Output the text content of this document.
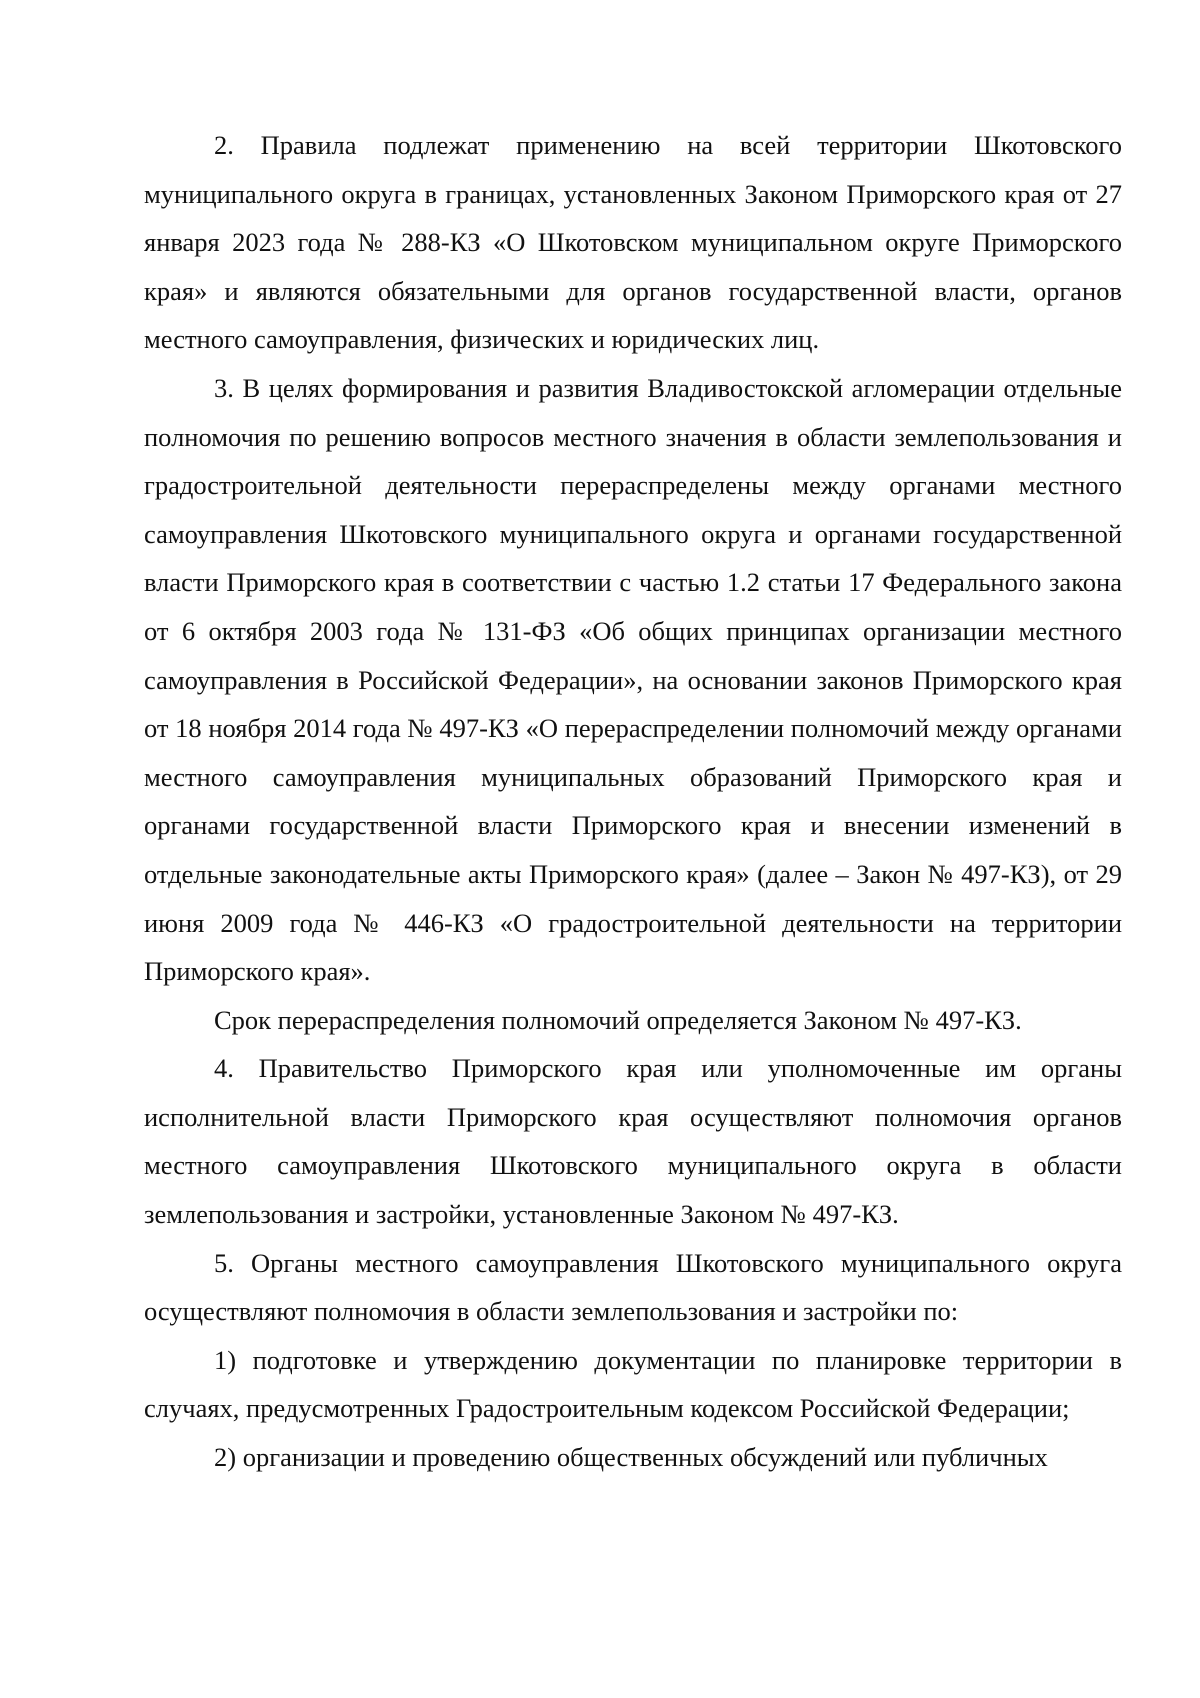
2. Правила подлежат применению на всей территории Шкотовского муниципального округа в границах, установленных Законом Приморского края от 27 января 2023 года № 288-КЗ «О Шкотовском муниципальном округе Приморского края» и являются обязательными для органов государственной власти, органов местного самоуправления, физических и юридических лиц.

3. В целях формирования и развития Владивостокской агломерации отдельные полномочия по решению вопросов местного значения в области землепользования и градостроительной деятельности перераспределены между органами местного самоуправления Шкотовского муниципального округа и органами государственной власти Приморского края в соответствии с частью 1.2 статьи 17 Федерального закона от 6 октября 2003 года № 131-ФЗ «Об общих принципах организации местного самоуправления в Российской Федерации», на основании законов Приморского края от 18 ноября 2014 года № 497-КЗ «О перераспределении полномочий между органами местного самоуправления муниципальных образований Приморского края и органами государственной власти Приморского края и внесении изменений в отдельные законодательные акты Приморского края» (далее – Закон № 497-КЗ), от 29 июня 2009 года № 446-КЗ «О градостроительной деятельности на территории Приморского края».

Срок перераспределения полномочий определяется Законом № 497-КЗ.

4. Правительство Приморского края или уполномоченные им органы исполнительной власти Приморского края осуществляют полномочия органов местного самоуправления Шкотовского муниципального округа в области землепользования и застройки, установленные Законом № 497-КЗ.

5. Органы местного самоуправления Шкотовского муниципального округа осуществляют полномочия в области землепользования и застройки по:

1) подготовке и утверждению документации по планировке территории в случаях, предусмотренных Градостроительным кодексом Российской Федерации;

2) организации и проведению общественных обсуждений или публичных
